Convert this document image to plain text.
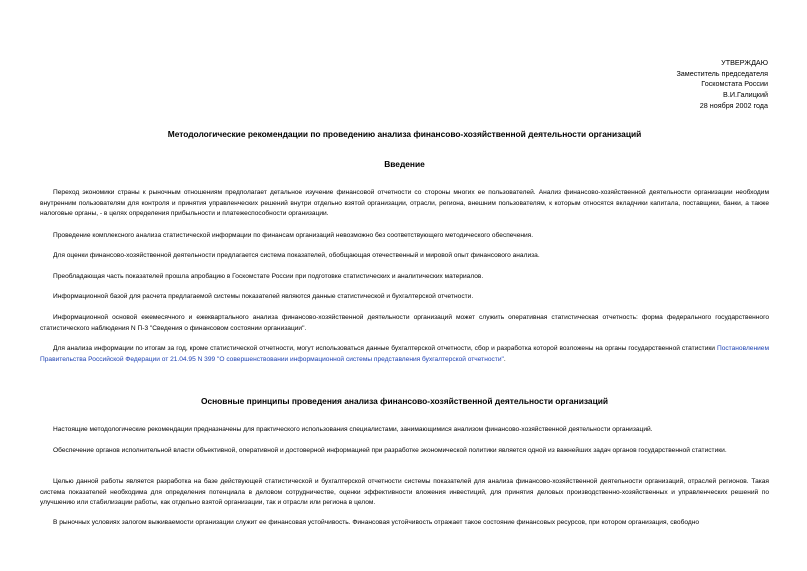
УТВЕРЖДАЮ
Заместитель председателя
Госкомстата России
В.И.Галицкий
28 ноября 2002 года
Методологические рекомендации по проведению анализа финансово-хозяйственной деятельности организаций
Введение

Переход экономики страны к рыночным отношениям предполагает детальное изучение финансовой отчетности со стороны многих ее пользователей. Анализ финансово-хозяйственной деятельности организации необходим внутренним пользователям для контроля и принятия управленческих решений внутри отдельно взятой организации, отрасли, региона, внешним пользователям, к которым относятся вкладчики капитала, поставщики, банки, а также налоговые органы, - в целях определения прибыльности и платежеспособности организации.

Проведение комплексного анализа статистической информации по финансам организаций невозможно без соответствующего методического обеспечения.

Для оценки финансово-хозяйственной деятельности предлагается система показателей, обобщающая отечественный и мировой опыт финансового анализа.

Преобладающая часть показателей прошла апробацию в Госкомстате России при подготовке статистических и аналитических материалов.

Информационной базой для расчета предлагаемой системы показателей являются данные статистической и бухгалтерской отчетности.

Информационной основой ежемесячного и ежеквартального анализа финансово-хозяйственной деятельности организаций может служить оперативная статистическая отчетность: форма федерального государственного статистического наблюдения N П-3 "Сведения о финансовом состоянии организации".

Для анализа информации по итогам за год, кроме статистической отчетности, могут использоваться данные бухгалтерской отчетности, сбор и разработка которой возложены на органы государственной статистики Постановлением Правительства Российской Федерации от 21.04.95 N 399 "О совершенствовании информационной системы представления бухгалтерской отчетности".

Основные принципы проведения анализа финансово-хозяйственной деятельности организаций

Настоящие методологические рекомендации предназначены для практического использования специалистами, занимающимися анализом финансово-хозяйственной деятельности организаций.

Обеспечение органов исполнительной власти объективной, оперативной и достоверной информацией при разработке экономической политики является одной из важнейших задач органов государственной статистики.

Целью данной работы является разработка на базе действующей статистической и бухгалтерской отчетности системы показателей для анализа финансово-хозяйственной деятельности организаций, отраслей регионов. Такая система показателей необходима для определения потенциала в деловом сотрудничестве, оценки эффективности вложения инвестиций, для принятия деловых производственно-хозяйственных и управленческих решений по улучшению или стабилизации работы, как отдельно взятой организации, так и отрасли или региона в целом.

В рыночных условиях залогом выживаемости организации служит ее финансовая устойчивость. Финансовая устойчивость отражает такое состояние финансовых ресурсов, при котором организация, свободно
